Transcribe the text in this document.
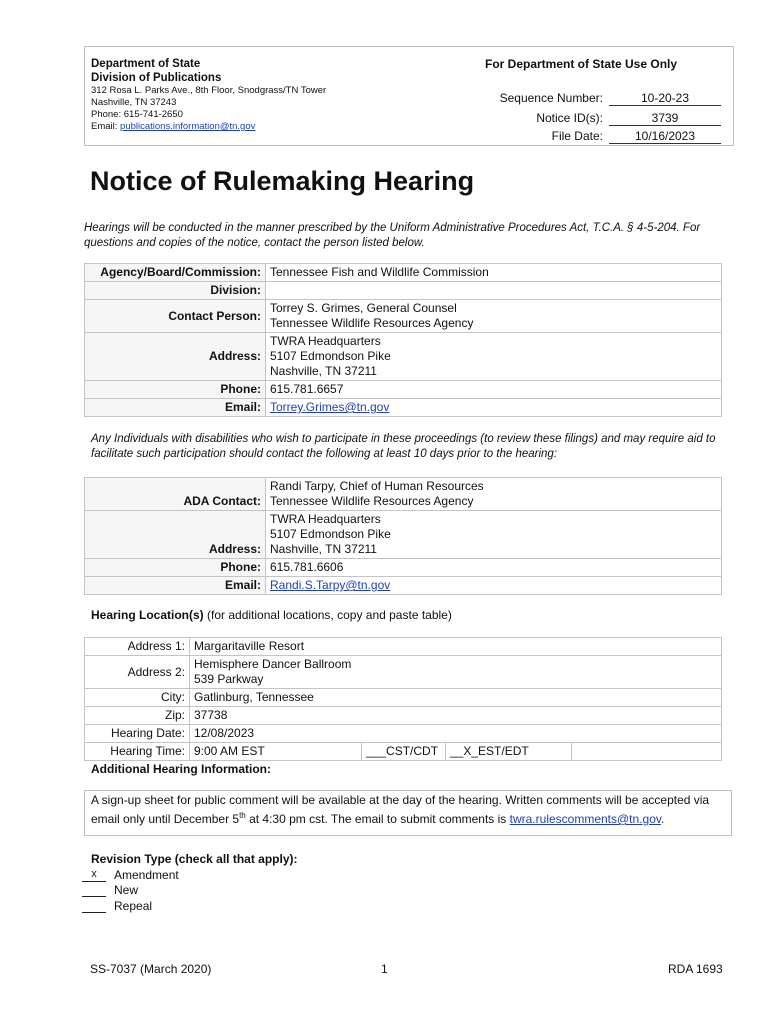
Department of State
Division of Publications
312 Rosa L. Parks Ave., 8th Floor, Snodgrass/TN Tower
Nashville, TN 37243
Phone: 615-741-2650
Email: publications.information@tn.gov
For Department of State Use Only
Sequence Number:	10-20-23
Notice ID(s):	3739
File Date:	10/16/2023
Notice of Rulemaking Hearing
Hearings will be conducted in the manner prescribed by the Uniform Administrative Procedures Act, T.C.A. § 4-5-204. For questions and copies of the notice, contact the person listed below.
Agency/Board/Commission:	Tennessee Fish and Wildlife Commission
Division:	
Contact Person:	Torrey S. Grimes, General Counsel
Tennessee Wildlife Resources Agency

Address:	TWRA Headquarters
5107 Edmondson Pike
Nashville, TN 37211

Phone:	615.781.6657
Email:	Torrey.Grimes@tn.gov
Any Individuals with disabilities who wish to participate in these proceedings (to review these filings) and may require aid to facilitate such participation should contact the following at least 10 days prior to the hearing:
ADA Contact:	Randi Tarpy, Chief of Human Resources
Tennessee Wildlife Resources Agency

Address:	TWRA Headquarters
5107 Edmondson Pike
Nashville, TN 37211

Phone:	615.781.6606
Email:	Randi.S.Tarpy@tn.gov
Hearing Location(s) (for additional locations, copy and paste table)
Address 1:	Margaritaville Resort			
Address 2:	Hemisphere Dancer Ballroom
539 Parkway			

City:	Gatlinburg, Tennessee			
Zip:	37738			
Hearing Date:	12/08/2023			
Hearing Time:	9:00 AM EST	___CST/CDT	__X_EST/EDT	
Additional Hearing Information:
A sign-up sheet for public comment will be available at the day of the hearing. Written comments will be accepted via email only until December 5th at 4:30 pm cst. The email to submit comments is twra.rulescomments@tn.gov.
Revision Type (check all that apply):
x	Amendment
New
Repeal
SS-7037 (March 2020)	1	RDA 1693
